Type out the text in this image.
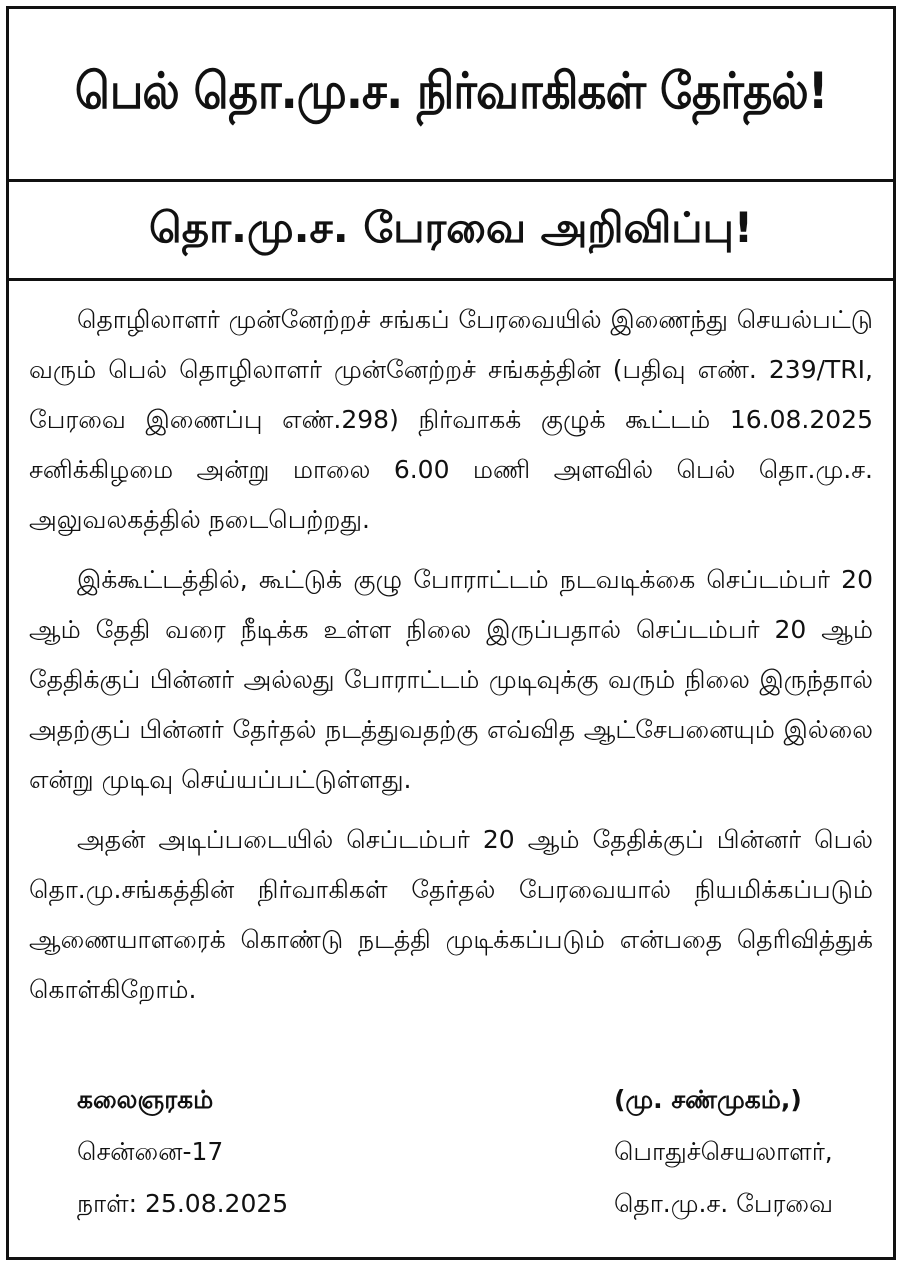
பெல் தொ.மு.ச. நிர்வாகிகள் தேர்தல்!
தொ.மு.ச. பேரவை அறிவிப்பு!

தொழிலாளர் முன்னேற்றச் சங்கப் பேரவையில் இணைந்து செயல்பட்டு வரும் பெல் தொழிலாளர் முன்னேற்றச் சங்கத்தின் (பதிவு எண். 239/TRI, பேரவை இணைப்பு எண்.298) நிர்வாகக் குழுக் கூட்டம் 16.08.2025 சனிக்கிழமை அன்று மாலை 6.00 மணி அளவில் பெல் தொ.மு.ச. அலுவலகத்தில் நடைபெற்றது.

இக்கூட்டத்தில், கூட்டுக் குழு போராட்டம் நடவடிக்கை செப்டம்பர் 20 ஆம் தேதி வரை நீடிக்க உள்ள நிலை இருப்பதால் செப்டம்பர் 20 ஆம் தேதிக்குப் பின்னர் அல்லது போராட்டம் முடிவுக்கு வரும் நிலை இருந்தால் அதற்குப் பின்னர் தேர்தல் நடத்துவதற்கு எவ்வித ஆட்சேபனையும் இல்லை என்று முடிவு செய்யப்பட்டுள்ளது.

அதன் அடிப்படையில் செப்டம்பர் 20 ஆம் தேதிக்குப் பின்னர் பெல் தொ.மு.சங்கத்தின் நிர்வாகிகள் தேர்தல் பேரவையால் நியமிக்கப்படும் ஆணையாளரைக் கொண்டு நடத்தி முடிக்கப்படும் என்பதை தெரிவித்துக் கொள்கிறோம்.

கலைஞரகம்
சென்னை-17
நாள்: 25.08.2025
(மு. சண்முகம்,)
பொதுச்செயலாளர்,
தொ.மு.ச. பேரவை
